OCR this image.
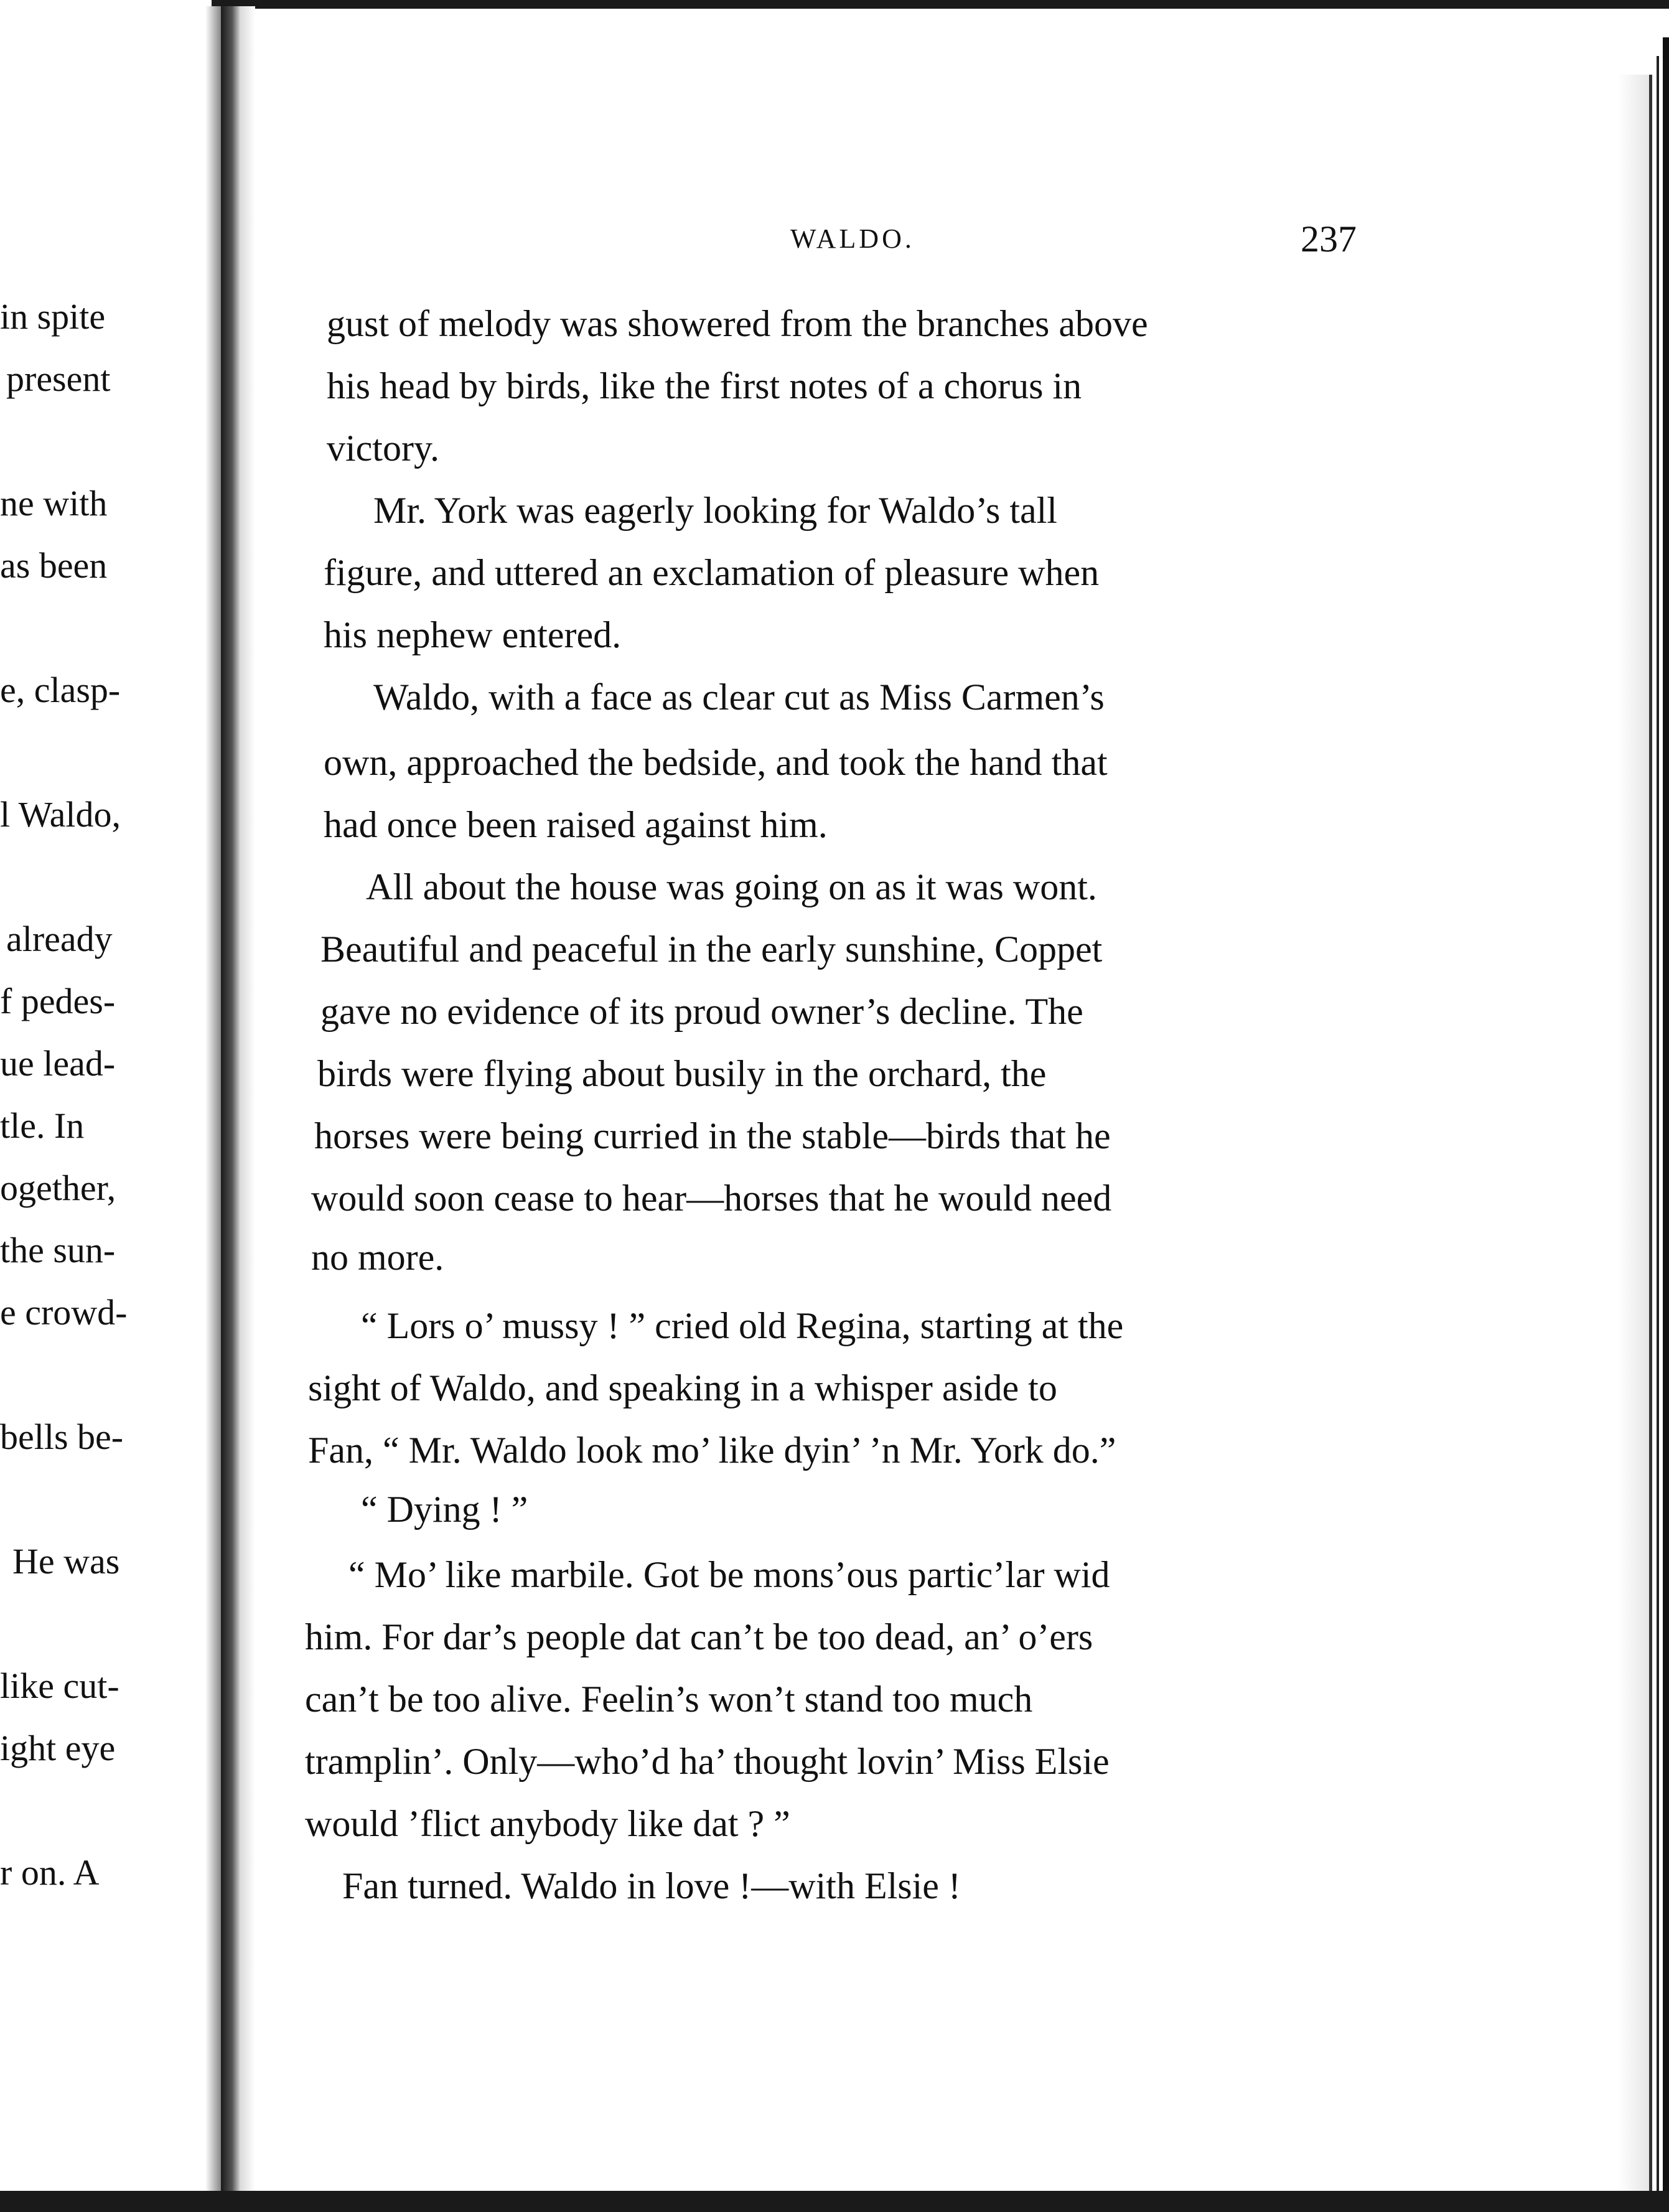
in spite
present
ne with
as been
e, clasp-
l Waldo,
already
f pedes-
ue lead-
tle. In
ogether,
the sun-
e crowd-
bells be-
He was
like cut-
ight eye
r on. A
WALDO.	237
gust of melody was showered from the branches above
his head by birds, like the first notes of a chorus in
victory.
Mr. York was eagerly looking for Waldo’s tall
figure, and uttered an exclamation of pleasure when
his nephew entered.
Waldo, with a face as clear cut as Miss Carmen’s
own, approached the bedside, and took the hand that
had once been raised against him.
All about the house was going on as it was wont.
Beautiful and peaceful in the early sunshine, Coppet
gave no evidence of its proud owner’s decline. The
birds were flying about busily in the orchard, the
horses were being curried in the stable—birds that he
would soon cease to hear—horses that he would need
no more.
“ Lors o’ mussy ! ” cried old Regina, starting at the
sight of Waldo, and speaking in a whisper aside to
Fan, “ Mr. Waldo look mo’ like dyin’ ’n Mr. York do.”
“ Dying ! ”
“ Mo’ like marbile. Got be mons’ous partic’lar wid
him. For dar’s people dat can’t be too dead, an’ o’ers
can’t be too alive. Feelin’s won’t stand too much
tramplin’. Only—who’d ha’ thought lovin’ Miss Elsie
would ’flict anybody like dat ? ”
Fan turned. Waldo in love !—with Elsie !
